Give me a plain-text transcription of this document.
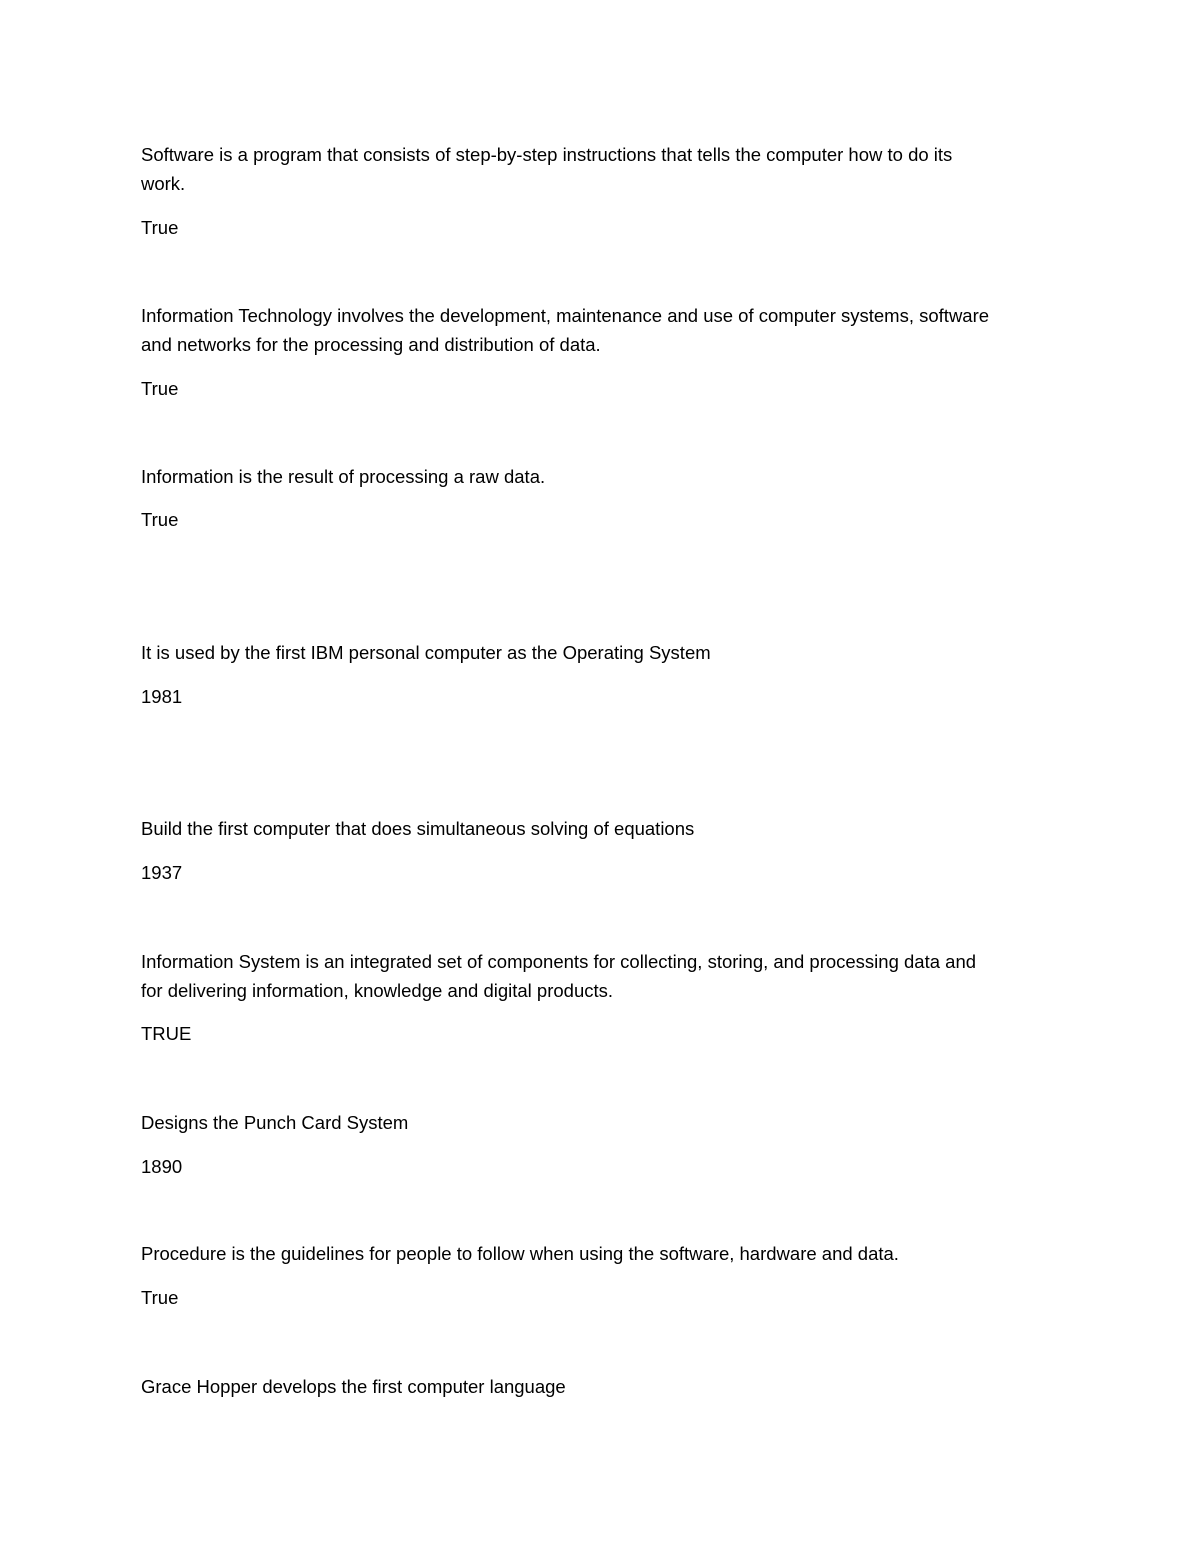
Software is a program that consists of step-by-step instructions that tells the computer how to do its

work.

True

Information Technology involves the development, maintenance and use of computer systems, software

and networks for the processing and distribution of data.

True

Information is the result of processing a raw data.

True

It is used by the first IBM personal computer as the Operating System

1981

Build the first computer that does simultaneous solving of equations

1937

Information System is an integrated set of components for collecting, storing, and processing data and

for delivering information, knowledge and digital products.

TRUE

Designs the Punch Card System

1890

Procedure is the guidelines for people to follow when using the software, hardware and data.

True

Grace Hopper develops the first computer language
